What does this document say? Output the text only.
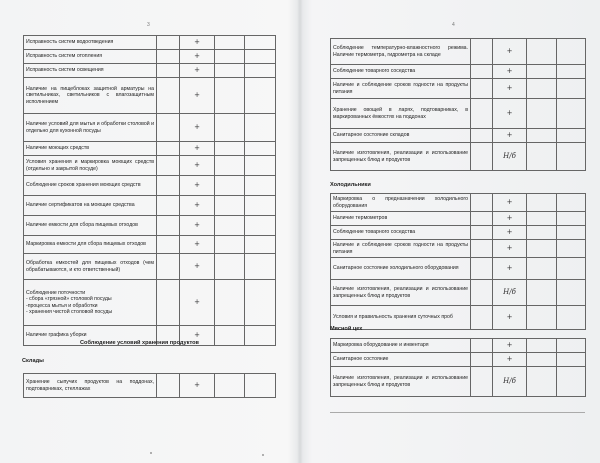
3
Исправность систем водоотведения		+		
Исправность систем отопления		+		
Исправность систем освещения		+		
Наличие на пищеблоках защитной арматуры на светильниках, светильников с влагозащитным исполнением		+		
Наличие условий для мытья и обработки столовой и отдельно для кухонной посуды		+		
Наличие моющих средств		+		
Условия хранения и маркировка моющих средств (отдельно и закрытой посуде)		+		
Соблюдение сроков хранения моющих средств		+		
Наличие сертификатов на моющие средства		+		
Наличие емкости для сбора пищевых отходов		+		
Маркировка емкости для сбора пищевых отходов		+		
Обработка емкостей для пищевых отходов (чем обрабатываются, и кто ответственный)		+		
Соблюдение поточности
- сбора «грязной» столовой посуды
-процесса мытья и обработки
- хранения чистой столовой посуды		+		
Наличие графика уборки		+		
Соблюдение условий хранения продуктов
Склады
Хранение сыпучих продуктов на поддонах, подтоварниках, стеллажах		+		
4
Соблюдение температурно-влажностного режима. Наличие термометра, гидрометра на складе		+		
Соблюдение товарного соседства		+		
Наличие и соблюдение сроков годности на продукты питания		+		
Хранение овощей в ларях, подтоварниках, в маркированных ёмкостях на поддонах		+		
Санитарное состояние складов		+		
Наличие изготовления, реализации и использование запрещенных блюд и продуктов		Н/б		
Холодильники
Маркировка о предназначении холодильного оборудования		+		
Наличие термометров		+		
Соблюдение товарного соседства		+		
Наличие и соблюдение сроков годности на продукты питания		+		
Санитарное состояние холодильного оборудования		+		
Наличие изготовления, реализации и использование запрещенных блюд и продуктов		Н/б		
Условия и правильность хранения суточных проб		+		
Мясной цех
Маркировка оборудование и инвентаря		+		
Санитарное состояние		+		
Наличие изготовления, реализации и использование запрещенных блюд и продуктов		Н/б		
